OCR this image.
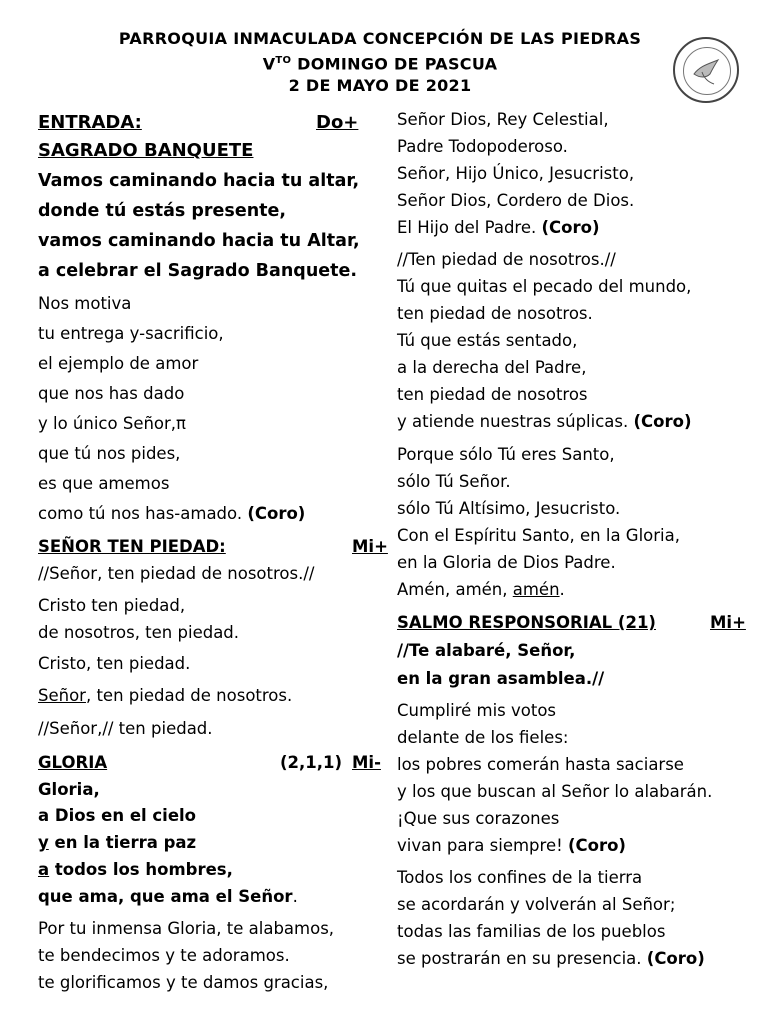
PARROQUIA INMACULADA CONCEPCIÓN DE LAS PIEDRAS
$V^{TO}$ DOMINGO DE PASCUA
2 DE MAYO DE 2021
ENTRADA:	Do+
SAGRADO BANQUETE
Vamos caminando hacia tu altar,
donde tú estás presente,
vamos caminando hacia tu Altar,
a celebrar el Sagrado Banquete.
Nos motiva
tu entrega y-sacrificio,
el ejemplo de amor
que nos has dado
y lo único Señor,π
que tú nos pides,
es que amemos
como tú nos has-amado. (Coro)
SEÑOR TEN PIEDAD:	Mi+
//Señor, ten piedad de nosotros.//
Cristo ten piedad,
de nosotros, ten piedad.
Cristo, ten piedad.
Señor, ten piedad de nosotros.
//Señor,// ten piedad.
GLORIA	(2,1,1) Mi-
Gloria,
a Dios en el cielo
y en la tierra paz
a todos los hombres,
que ama, que ama el Señor.
Por tu inmensa Gloria, te alabamos,
te bendecimos y te adoramos.
te glorificamos y te damos gracias,
Señor Dios, Rey Celestial,
Padre Todopoderoso.
Señor, Hijo Único, Jesucristo,
Señor Dios, Cordero de Dios.
El Hijo del Padre. (Coro)
//Ten piedad de nosotros.//
Tú que quitas el pecado del mundo,
ten piedad de nosotros.
Tú que estás sentado,
a la derecha del Padre,
ten piedad de nosotros
y atiende nuestras súplicas. (Coro)
Porque sólo Tú eres Santo,
sólo Tú Señor.
sólo Tú Altísimo, Jesucristo.
Con el Espíritu Santo, en la Gloria,
en la Gloria de Dios Padre.
Amén, amén, amén.
SALMO RESPONSORIAL (21)	Mi+
//Te alabaré, Señor,
en la gran asamblea.//
Cumpliré mis votos
delante de los fieles:
los pobres comerán hasta saciarse
y los que buscan al Señor lo alabarán.
¡Que sus corazones
vivan para siempre! (Coro)
Todos los confines de la tierra
se acordarán y volverán al Señor;
todas las familias de los pueblos
se postrarán en su presencia. (Coro)
